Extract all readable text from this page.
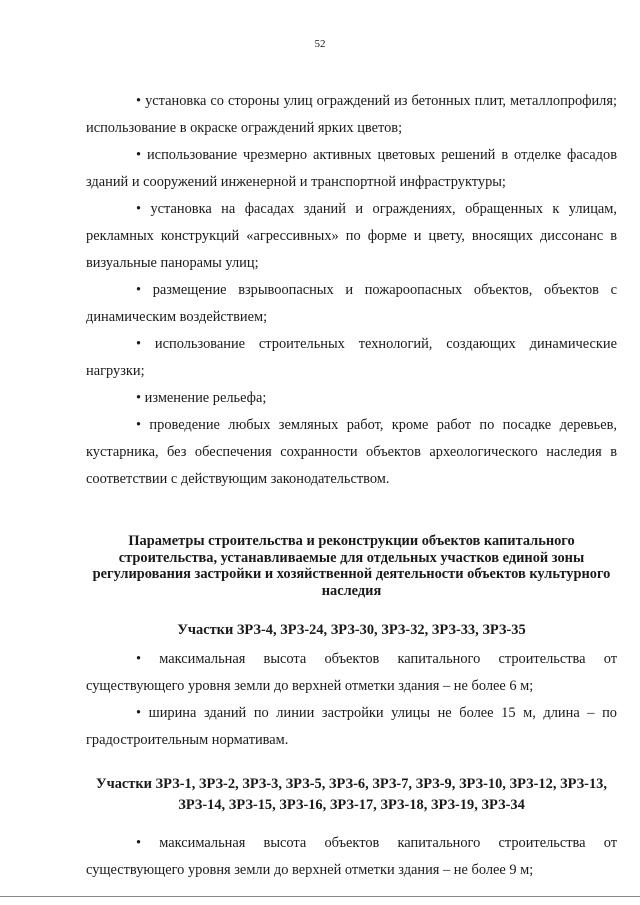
52

• установка со стороны улиц ограждений из бетонных плит, металлопрофиля; использование в окраске ограждений ярких цветов;

• использование чрезмерно активных цветовых решений в отделке фасадов зданий и сооружений инженерной и транспортной инфраструктуры;

• установка на фасадах зданий и ограждениях, обращенных к улицам, рекламных конструкций «агрессивных» по форме и цвету, вносящих диссонанс в визуальные панорамы улиц;

• размещение взрывоопасных и пожароопасных объектов, объектов с динамическим воздействием;

• использование строительных технологий, создающих динамические нагрузки;

• изменение рельефа;

• проведение любых земляных работ, кроме работ по посадке деревьев, кустарника, без обеспечения сохранности объектов археологического наследия в соответствии с действующим законодательством.

Параметры строительства и реконструкции объектов капитального строительства, устанавливаемые для отдельных участков единой зоны регулирования застройки и хозяйственной деятельности объектов культурного наследия

Участки ЗРЗ-4, ЗРЗ-24, ЗРЗ-30, ЗРЗ-32, ЗРЗ-33, ЗРЗ-35

• максимальная высота объектов капитального строительства от существующего уровня земли до верхней отметки здания – не более 6 м;

• ширина зданий по линии застройки улицы не более 15 м, длина – по градостроительным нормативам.

Участки ЗРЗ-1, ЗРЗ-2, ЗРЗ-3, ЗРЗ-5, ЗРЗ-6, ЗРЗ-7, ЗРЗ-9, ЗРЗ-10, ЗРЗ-12, ЗРЗ-13, ЗРЗ-14, ЗРЗ-15, ЗРЗ-16, ЗРЗ-17, ЗРЗ-18, ЗРЗ-19, ЗРЗ-34

• максимальная высота объектов капитального строительства от существующего уровня земли до верхней отметки здания – не более 9 м;
